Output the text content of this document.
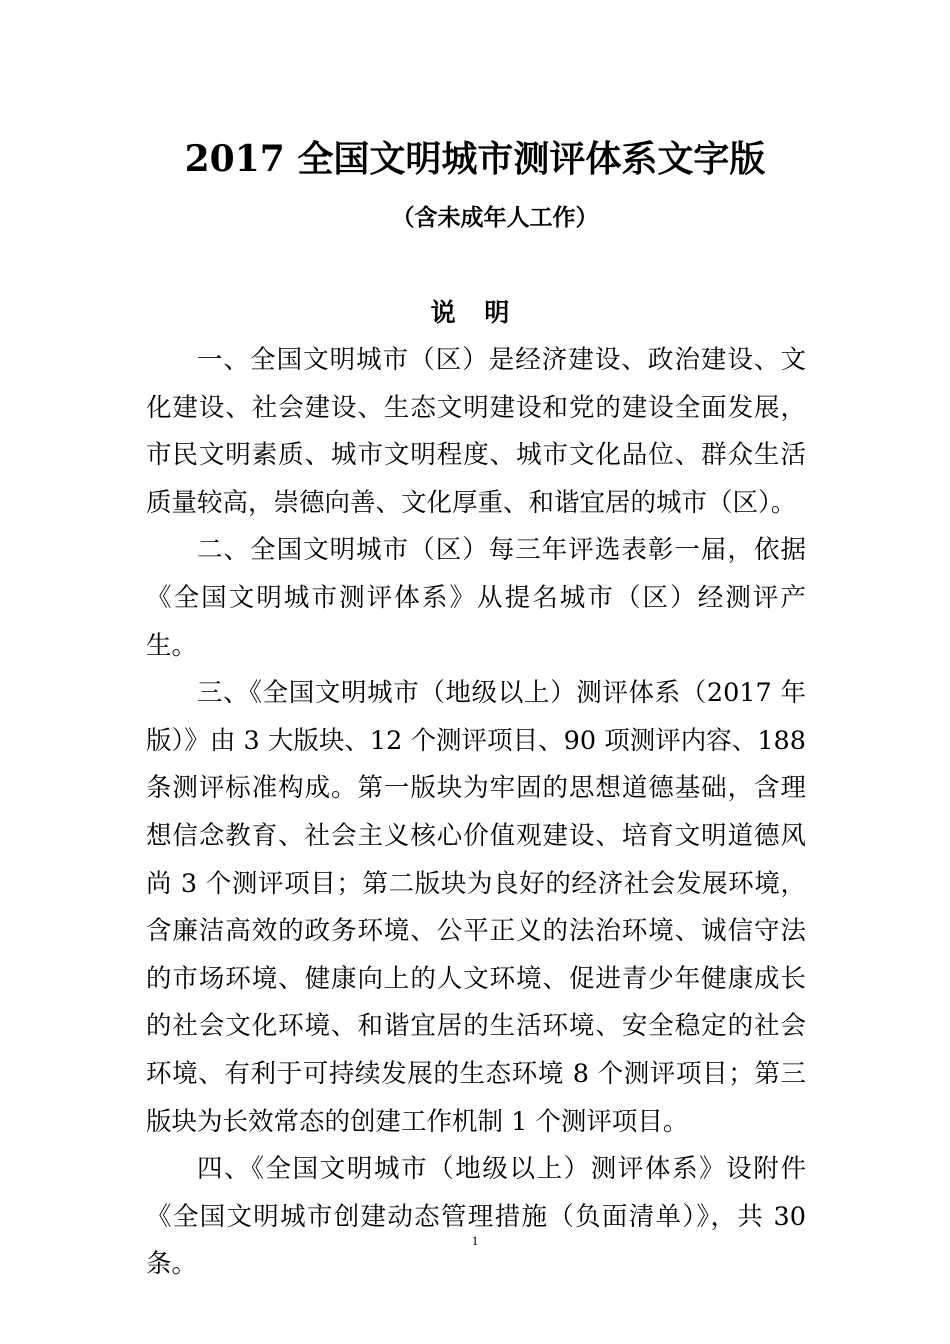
2017 全国文明城市测评体系文字版
（含未成年人工作）
说 明

一、全国文明城市（区）是经济建设、政治建设、文化建设、社会建设、生态文明建设和党的建设全面发展，市民文明素质、城市文明程度、城市文化品位、群众生活质量较高，崇德向善、文化厚重、和谐宜居的城市（区）。

二、全国文明城市（区）每三年评选表彰一届，依据《全国文明城市测评体系》从提名城市（区）经测评产生。

三、《全国文明城市（地级以上）测评体系（2017 年版）》由 3 大版块、12 个测评项目、90 项测评内容、188 条测评标准构成。第一版块为牢固的思想道德基础，含理想信念教育、社会主义核心价值观建设、培育文明道德风尚 3 个测评项目；第二版块为良好的经济社会发展环境，含廉洁高效的政务环境、公平正义的法治环境、诚信守法的市场环境、健康向上的人文环境、促进青少年健康成长的社会文化环境、和谐宜居的生活环境、安全稳定的社会环境、有利于可持续发展的生态环境 8 个测评项目；第三版块为长效常态的创建工作机制 1 个测评项目。

四、《全国文明城市（地级以上）测评体系》设附件《全国文明城市创建动态管理措施（负面清单）》，共 30 条。

1
